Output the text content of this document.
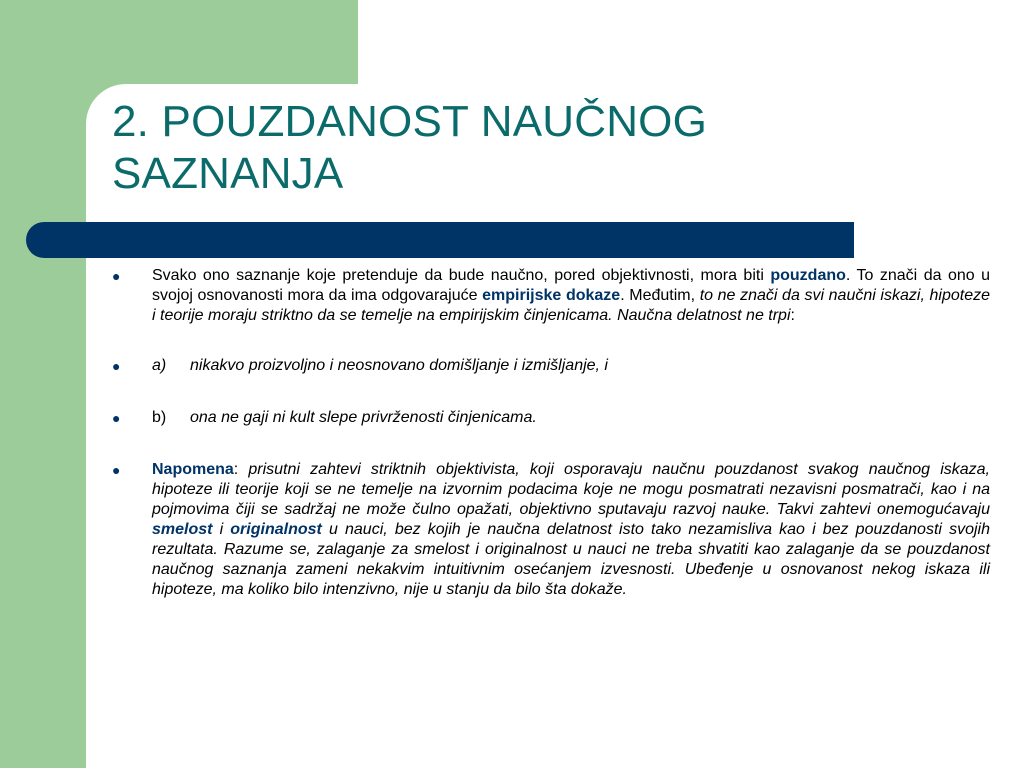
2. POUZDANOST NAUČNOG
SAZNANJA
●	Svako ono saznanje koje pretenduje da bude naučno, pored objektivnosti, mora biti pouzdano. To znači da ono u svojoj osnovanosti mora da ima odgovarajuće empirijske dokaze. Međutim, to ne znači da svi naučni iskazi, hipoteze i teorije moraju striktno da se temelje na empirijskim činjenicama. Naučna delatnost ne trpi:
●	a) nikakvo proizvoljno i neosnovano domišljanje i izmišljanje, i
●	b) ona ne gaji ni kult slepe privrženosti činjenicama.
●	Napomena: prisutni zahtevi striktnih objektivista, koji osporavaju naučnu pouzdanost svakog naučnog iskaza, hipoteze ili teorije koji se ne temelje na izvornim podacima koje ne mogu posmatrati nezavisni posmatrači, kao i na pojmovima čiji se sadržaj ne može čulno opažati, objektivno sputavaju razvoj nauke. Takvi zahtevi onemogućavaju smelost i originalnost u nauci, bez kojih je naučna delatnost isto tako nezamisliva kao i bez pouzdanosti svojih rezultata. Razume se, zalaganje za smelost i originalnost u nauci ne treba shvatiti kao zalaganje da se pouzdanost naučnog saznanja zameni nekakvim intuitivnim osećanjem izvesnosti. Ubeđenje u osnovanost nekog iskaza ili hipoteze, ma koliko bilo intenzivno, nije u stanju da bilo šta dokaže.
